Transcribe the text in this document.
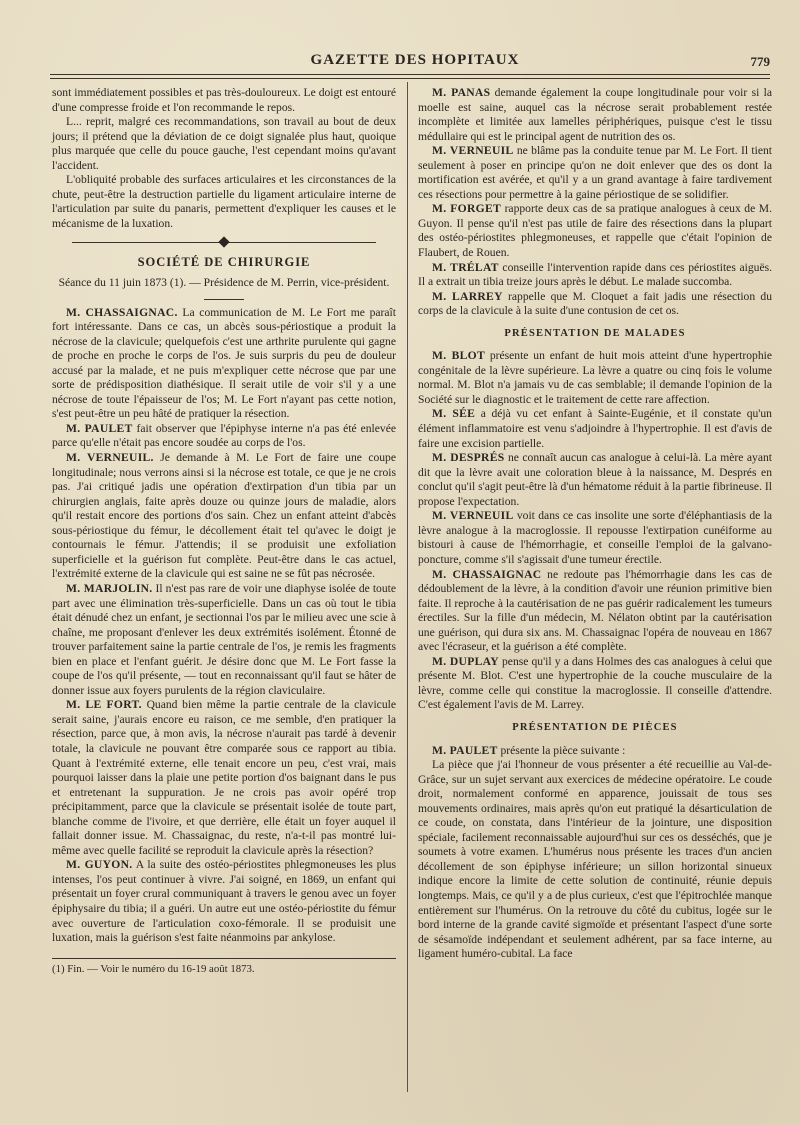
GAZETTE DES HOPITAUX	779

sont immédiatement possibles et pas très-douloureux. Le doigt est entouré d'une compresse froide et l'on recommande le repos.

L... reprit, malgré ces recommandations, son travail au bout de deux jours; il prétend que la déviation de ce doigt signalée plus haut, quoique plus marquée que celle du pouce gauche, l'est cependant moins qu'avant l'accident.

L'obliquité probable des surfaces articulaires et les circonstances de la chute, peut-être la destruction partielle du ligament articulaire interne de l'articulation par suite du panaris, permettent d'expliquer les causes et le mécanisme de la luxation.

SOCIÉTÉ DE CHIRURGIE
Séance du 11 juin 1873 (1). — Présidence de M. Perrin, vice-président.

M. CHASSAIGNAC. La communication de M. Le Fort me paraît fort intéressante. Dans ce cas, un abcès sous-périostique a produit la nécrose de la clavicule; quelquefois c'est une arthrite purulente qui gagne de proche en proche le corps de l'os. Je suis surpris du peu de douleur accusé par la malade, et ne puis m'expliquer cette nécrose que par une sorte de prédisposition diathésique. Il serait utile de voir s'il y a une nécrose de toute l'épaisseur de l'os; M. Le Fort n'ayant pas cette notion, s'est peut-être un peu hâté de pratiquer la résection.

M. PAULET fait observer que l'épiphyse interne n'a pas été enlevée parce qu'elle n'était pas encore soudée au corps de l'os.

M. VERNEUIL. Je demande à M. Le Fort de faire une coupe longitudinale; nous verrons ainsi si la nécrose est totale, ce que je ne crois pas. J'ai critiqué jadis une opération d'extirpation d'un tibia par un chirurgien anglais, faite après douze ou quinze jours de maladie, alors qu'il restait encore des portions d'os sain. Chez un enfant atteint d'abcès sous-périostique du fémur, le décollement était tel qu'avec le doigt je contournais le fémur. J'attendis; il se produisit une exfoliation superficielle et la guérison fut complète. Peut-être dans le cas actuel, l'extrémité externe de la clavicule qui est saine ne se fût pas nécrosée.

M. MARJOLIN. Il n'est pas rare de voir une diaphyse isolée de toute part avec une élimination très-superficielle. Dans un cas où tout le tibia était dénudé chez un enfant, je sectionnai l'os par le milieu avec une scie à chaîne, me proposant d'enlever les deux extrémités isolément. Étonné de trouver parfaitement saine la partie centrale de l'os, je remis les fragments bien en place et l'enfant guérit. Je désire donc que M. Le Fort fasse la coupe de l'os qu'il présente, — tout en reconnaissant qu'il faut se hâter de donner issue aux foyers purulents de la région claviculaire.

M. LE FORT. Quand bien même la partie centrale de la clavicule serait saine, j'aurais encore eu raison, ce me semble, d'en pratiquer la résection, parce que, à mon avis, la nécrose n'aurait pas tardé à devenir totale, la clavicule ne pouvant être comparée sous ce rapport au tibia. Quant à l'extrémité externe, elle tenait encore un peu, c'est vrai, mais pourquoi laisser dans la plaie une petite portion d'os baignant dans le pus et entretenant la suppuration. Je ne crois pas avoir opéré trop précipitamment, parce que la clavicule se présentait isolée de toute part, blanche comme de l'ivoire, et que derrière, elle était un foyer auquel il fallait donner issue. M. Chassaignac, du reste, n'a-t-il pas montré lui-même avec quelle facilité se reproduit la clavicule après la résection?

M. GUYON. A la suite des ostéo-périostites phlegmoneuses les plus intenses, l'os peut continuer à vivre. J'ai soigné, en 1869, un enfant qui présentait un foyer crural communiquant à travers le genou avec un foyer épiphysaire du tibia; il a guéri. Un autre eut une ostéo-périostite du fémur avec ouverture de l'articulation coxo-fémorale. Il se produisit une luxation, mais la guérison s'est faite néanmoins par ankylose.

(1) Fin. — Voir le numéro du 16-19 août 1873.

M. PANAS demande également la coupe longitudinale pour voir si la moelle est saine, auquel cas la nécrose serait probablement restée incomplète et limitée aux lamelles périphériques, puisque c'est le tissu médullaire qui est le principal agent de nutrition des os.

M. VERNEUIL ne blâme pas la conduite tenue par M. Le Fort. Il tient seulement à poser en principe qu'on ne doit enlever que des os dont la mortification est avérée, et qu'il y a un grand avantage à faire tardivement ces résections pour permettre à la gaine périostique de se solidifier.

M. FORGET rapporte deux cas de sa pratique analogues à ceux de M. Guyon. Il pense qu'il n'est pas utile de faire des résections dans la plupart des ostéo-périostites phlegmoneuses, et rappelle que c'était l'opinion de Flaubert, de Rouen.

M. TRÉLAT conseille l'intervention rapide dans ces périostites aiguës. Il a extrait un tibia treize jours après le début. Le malade succomba.

M. LARREY rappelle que M. Cloquet a fait jadis une résection du corps de la clavicule à la suite d'une contusion de cet os.

PRÉSENTATION DE MALADES

M. BLOT présente un enfant de huit mois atteint d'une hypertrophie congénitale de la lèvre supérieure. La lèvre a quatre ou cinq fois le volume normal. M. Blot n'a jamais vu de cas semblable; il demande l'opinion de la Société sur le diagnostic et le traitement de cette rare affection.

M. SÉE a déjà vu cet enfant à Sainte-Eugénie, et il constate qu'un élément inflammatoire est venu s'adjoindre à l'hypertrophie. Il est d'avis de faire une excision partielle.

M. DESPRÉS ne connaît aucun cas analogue à celui-là. La mère ayant dit que la lèvre avait une coloration bleue à la naissance, M. Després en conclut qu'il s'agit peut-être là d'un hématome réduit à la partie fibrineuse. Il propose l'expectation.

M. VERNEUIL voit dans ce cas insolite une sorte d'éléphantiasis de la lèvre analogue à la macroglossie. Il repousse l'extirpation cunéiforme au bistouri à cause de l'hémorrhagie, et conseille l'emploi de la galvano-poncture, comme s'il s'agissait d'une tumeur érectile.

M. CHASSAIGNAC ne redoute pas l'hémorrhagie dans les cas de dédoublement de la lèvre, à la condition d'avoir une réunion primitive bien faite. Il reproche à la cautérisation de ne pas guérir radicalement les tumeurs érectiles. Sur la fille d'un médecin, M. Nélaton obtint par la cautérisation une guérison, qui dura six ans. M. Chassaignac l'opéra de nouveau en 1867 avec l'écraseur, et la guérison a été complète.

M. DUPLAY pense qu'il y a dans Holmes des cas analogues à celui que présente M. Blot. C'est une hypertrophie de la couche musculaire de la lèvre, comme celle qui constitue la macroglossie. Il conseille d'attendre. C'est également l'avis de M. Larrey.

PRÉSENTATION DE PIÈCES

M. PAULET présente la pièce suivante :

La pièce que j'ai l'honneur de vous présenter a été recueillie au Val-de-Grâce, sur un sujet servant aux exercices de médecine opératoire. Le coude droit, normalement conformé en apparence, jouissait de tous ses mouvements ordinaires, mais après qu'on eut pratiqué la désarticulation de ce coude, on constata, dans l'intérieur de la jointure, une disposition spéciale, facilement reconnaissable aujourd'hui sur ces os desséchés, que je soumets à votre examen. L'humérus nous présente les traces d'un ancien décollement de son épiphyse inférieure; un sillon horizontal sinueux indique encore la limite de cette solution de continuité, réunie depuis longtemps. Mais, ce qu'il y a de plus curieux, c'est que l'épitrochlée manque entièrement sur l'humérus. On la retrouve du côté du cubitus, logée sur le bord interne de la grande cavité sigmoïde et présentant l'aspect d'une sorte de sésamoïde indépendant et seulement adhérent, par sa face interne, au ligament huméro-cubital. La face
